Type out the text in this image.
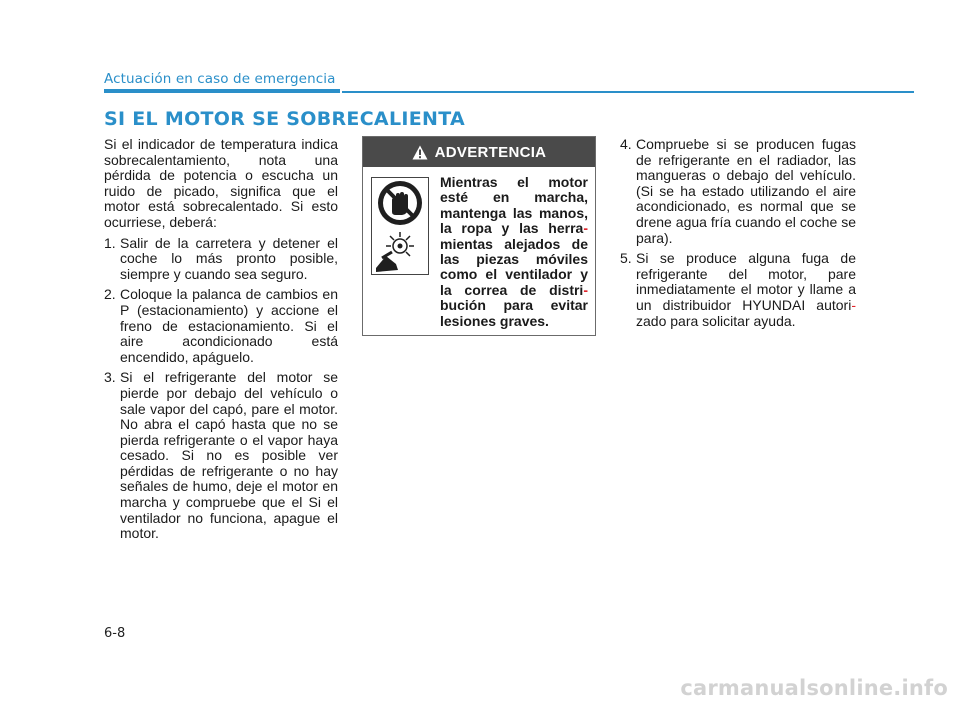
Actuación en caso de emergencia
SI EL MOTOR SE SOBRECALIENTA

Si el indicador de temperatura indica sobrecalentamiento, nota una pérdida de potencia o escucha un ruido de picado, significa que el motor está sobrecalentado. Si esto ocurriese, deberá:

1. Salir de la carretera y detener el coche lo más pronto posible, siempre y cuando sea seguro.
2. Coloque la palanca de cambios en P (estacionamiento) y accione el freno de estacionamiento. Si el aire acondicionado está encendido, apáguelo.
3. Si el refrigerante del motor se pierde por debajo del vehículo o sale vapor del capó, pare el motor. No abra el capó hasta que no se pierda refrigerante o el vapor haya cesado. Si no es posible ver pérdidas de refrigerante o no hay señales de humo, deje el motor en marcha y compruebe que el Si el ventilador no funciona, apague el motor.
ADVERTENCIA
Mientras el motor esté en marcha, mantenga las manos, la ropa y las herra-mientas alejados de las piezas móviles como el ventilador y la correa de distri-bución para evitar lesiones graves.
4. Compruebe si se producen fugas de refrigerante en el radiador, las mangueras o debajo del vehículo. (Si se ha estado utilizando el aire acondicionado, es normal que se drene agua fría cuando el coche se para).
5. Si se produce alguna fuga de refrigerante del motor, pare inmediatamente el motor y llame a un distribuidor HYUNDAI autori-zado para solicitar ayuda.
6-8
carmanualsonline.info
